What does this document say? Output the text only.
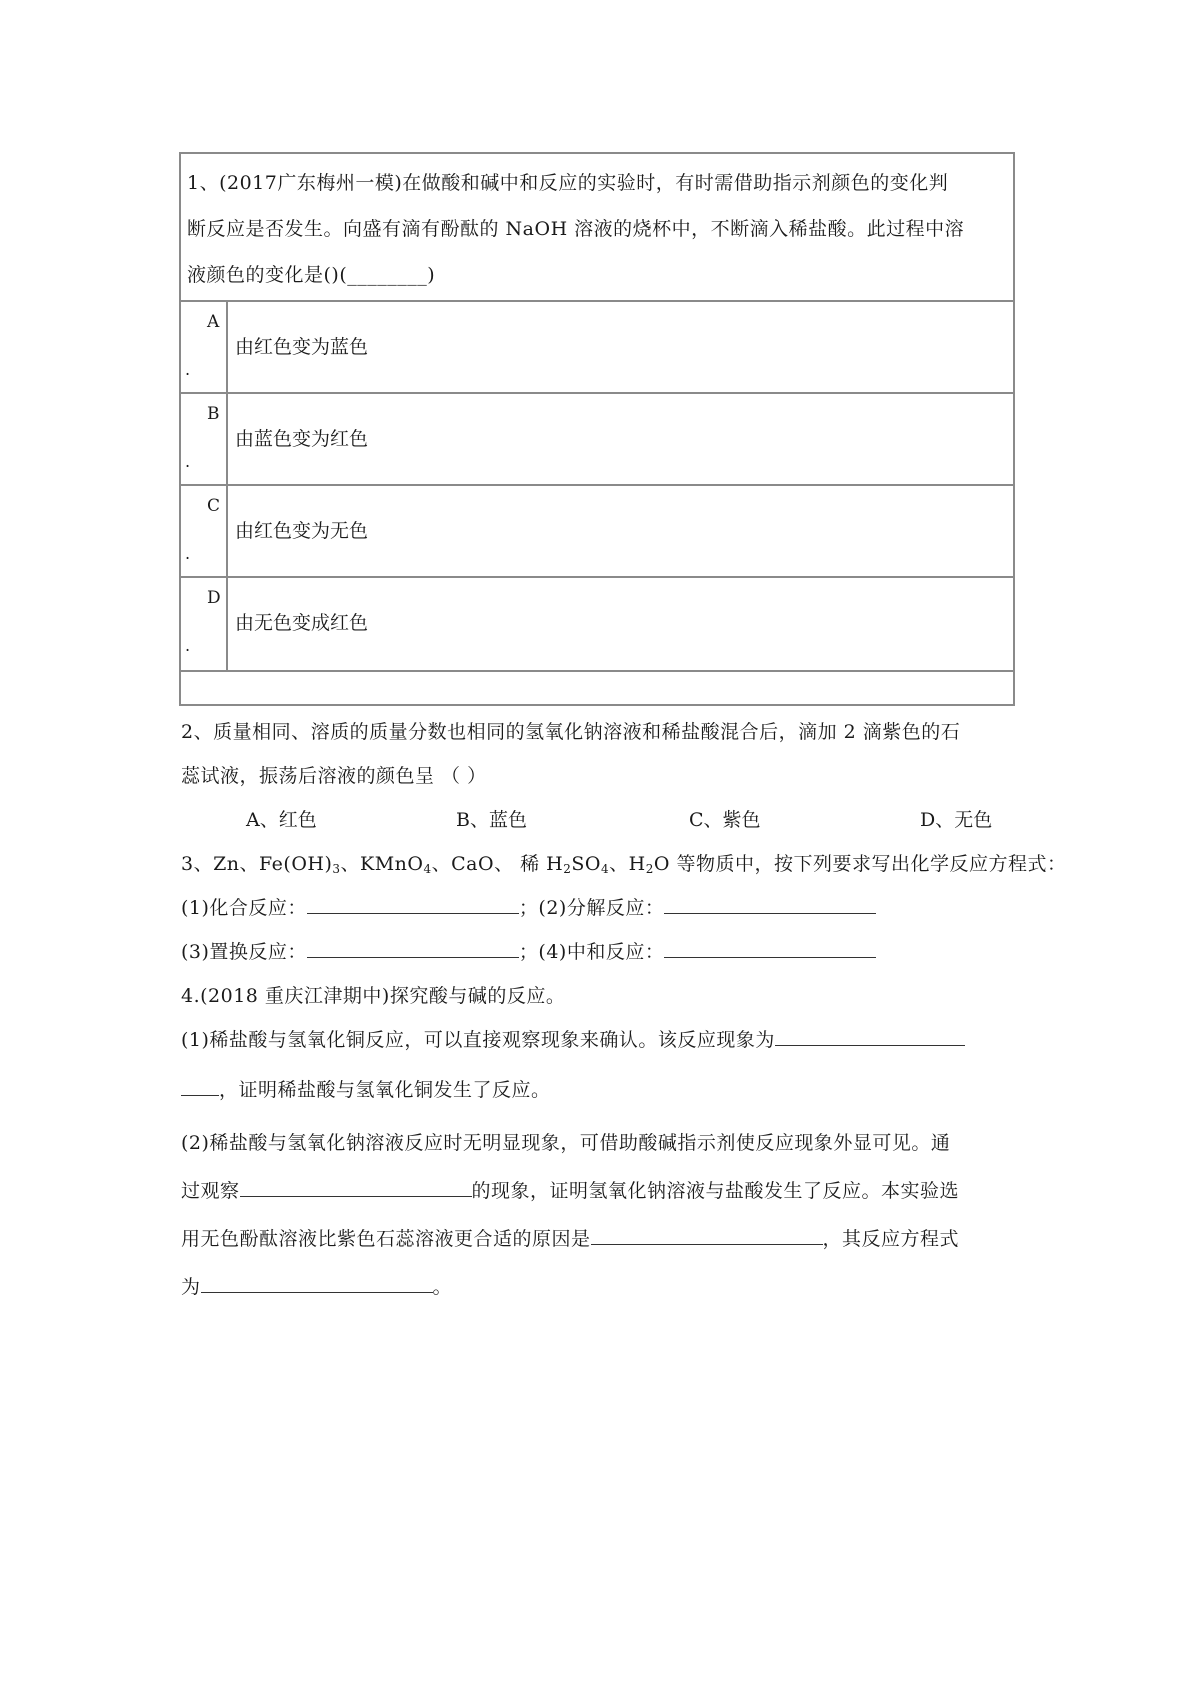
1、(2017广东梅州一模)在做酸和碱中和反应的实验时，有时需借助指示剂颜色的变化判
断反应是否发生。向盛有滴有酚酞的 NaOH 溶液的烧杯中，不断滴入稀盐酸。此过程中溶
液颜色的变化是()(________)
A
.
由红色变为蓝色
B
.
由蓝色变为红色
C
.
由红色变为无色
D
.
由无色变成红色
2、质量相同、溶质的质量分数也相同的氢氧化钠溶液和稀盐酸混合后，滴加 2 滴紫色的石
蕊试液，振荡后溶液的颜色呈 （ ）
A、红色	B、蓝色	C、紫色	D、无色
3、Zn、$Fe(OH)_3$、KMnO$_4$、CaO、 稀 $H_2SO_4$、$H_2O$ 等物质中，按下列要求写出化学反应方程式：
(1)化合反应：	；(2)分解反应：
(3)置换反应：	；(4)中和反应：
4.(2018 重庆江津期中)探究酸与碱的反应。
(1)稀盐酸与氢氧化铜反应，可以直接观察现象来确认。该反应现象为
，证明稀盐酸与氢氧化铜发生了反应。
(2)稀盐酸与氢氧化钠溶液反应时无明显现象，可借助酸碱指示剂使反应现象外显可见。通
过观察	的现象，证明氢氧化钠溶液与盐酸发生了反应。本实验选
用无色酚酞溶液比紫色石蕊溶液更合适的原因是	，其反应方程式
为	。
